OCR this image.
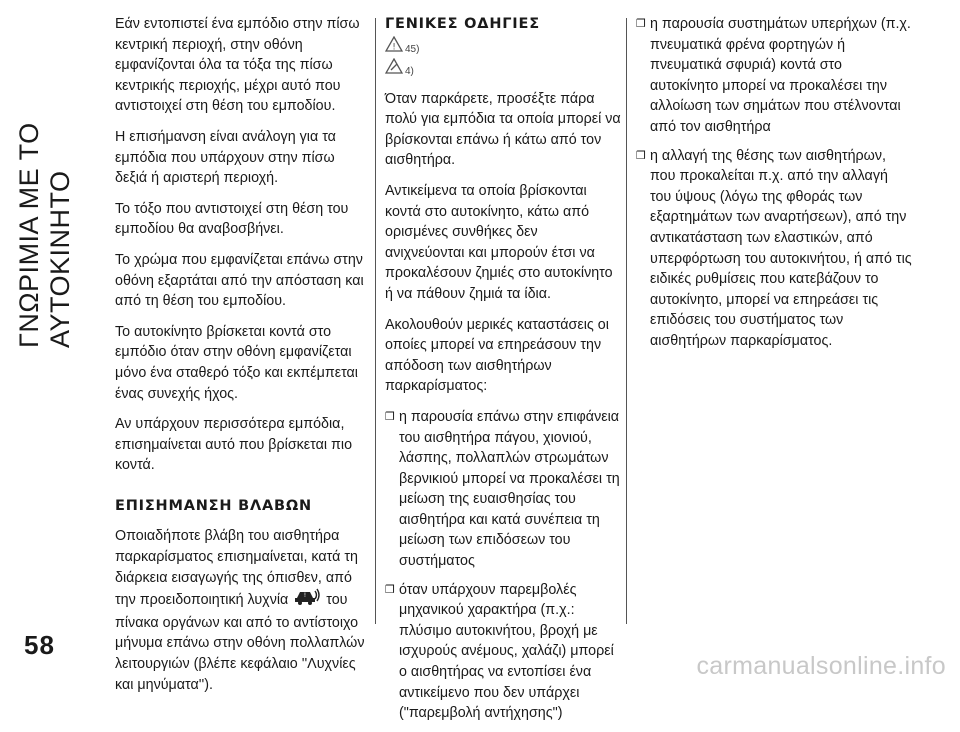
ΓΝΩΡΙΜΙΑ ΜΕ ΤΟ ΑΥΤΟΚΙΝΗΤΟ
58

Εάν εντοπιστεί ένα εμπόδιο στην πίσω κεντρική περιοχή, στην οθόνη εμφανίζονται όλα τα τόξα της πίσω κεντρικής περιοχής, μέχρι αυτό που αντιστοιχεί στη θέση του εμποδίου.

Η επισήμανση είναι ανάλογη για τα εμπόδια που υπάρχουν στην πίσω δεξιά ή αριστερή περιοχή.

Το τόξο που αντιστοιχεί στη θέση του εμποδίου θα αναβοσβήνει.

Το χρώμα που εμφανίζεται επάνω στην οθόνη εξαρτάται από την απόσταση και από τη θέση του εμποδίου.

Το αυτοκίνητο βρίσκεται κοντά στο εμπόδιο όταν στην οθόνη εμφανίζεται μόνο ένα σταθερό τόξο και εκπέμπεται ένας συνεχής ήχος.

Αν υπάρχουν περισσότερα εμπόδια, επισημαίνεται αυτό που βρίσκεται πιο κοντά.

ΕΠΙΣΗΜΑΝΣΗ ΒΛΑΒΩΝ

Οποιαδήποτε βλάβη του αισθητήρα παρκαρίσματος επισημαίνεται, κατά τη διάρκεια εισαγωγής της όπισθεν, από την προειδοποιητική λυχνία	! του πίνακα οργάνων και από το αντίστοιχο μήνυμα επάνω στην οθόνη πολλαπλών λειτουργιών (βλέπε κεφάλαιο ''Λυχνίες και μηνύματα'').

ΓΕΝΙΚΕΣ ΟΔΗΓΙΕΣ
! 45)
4)

Όταν παρκάρετε, προσέξτε πάρα πολύ για εμπόδια τα οποία μπορεί να βρίσκονται επάνω ή κάτω από τον αισθητήρα.

Αντικείμενα τα οποία βρίσκονται κοντά στο αυτοκίνητο, κάτω από ορισμένες συνθήκες δεν ανιχνεύονται και μπορούν έτσι να προκαλέσουν ζημιές στο αυτοκίνητο ή να πάθουν ζημιά τα ίδια.

Ακολουθούν μερικές καταστάσεις οι οποίες μπορεί να επηρεάσουν την απόδοση των αισθητήρων παρκαρίσματος:

❒ η παρουσία επάνω στην επιφάνεια του αισθητήρα πάγου, χιονιού, λάσπης, πολλαπλών στρωμάτων βερνικιού μπορεί να προκαλέσει τη μείωση της ευαισθησίας του αισθητήρα και κατά συνέπεια τη μείωση των επιδόσεων του συστήματος
❒ όταν υπάρχουν παρεμβολές μηχανικού χαρακτήρα (π.χ.: πλύσιμο αυτοκινήτου, βροχή με ισχυρούς ανέμους, χαλάζι) μπορεί ο αισθητήρας να εντοπίσει ένα αντικείμενο που δεν υπάρχει ("παρεμβολή αντήχησης")
❒ η παρουσία συστημάτων υπερήχων (π.χ. πνευματικά φρένα φορτηγών ή πνευματικά σφυριά) κοντά στο αυτοκίνητο μπορεί να προκαλέσει την αλλοίωση των σημάτων που στέλνονται από τον αισθητήρα
❒ η αλλαγή της θέσης των αισθητήρων, που προκαλείται π.χ. από την αλλαγή του ύψους (λόγω της φθοράς των εξαρτημάτων των αναρτήσεων), από την αντικατάσταση των ελαστικών, από υπερφόρτωση του αυτοκινήτου, ή από τις ειδικές ρυθμίσεις που κατεβάζουν το αυτοκίνητο, μπορεί να επηρεάσει τις επιδόσεις του συστήματος των αισθητήρων παρκαρίσματος.
carmanualsonline.info
